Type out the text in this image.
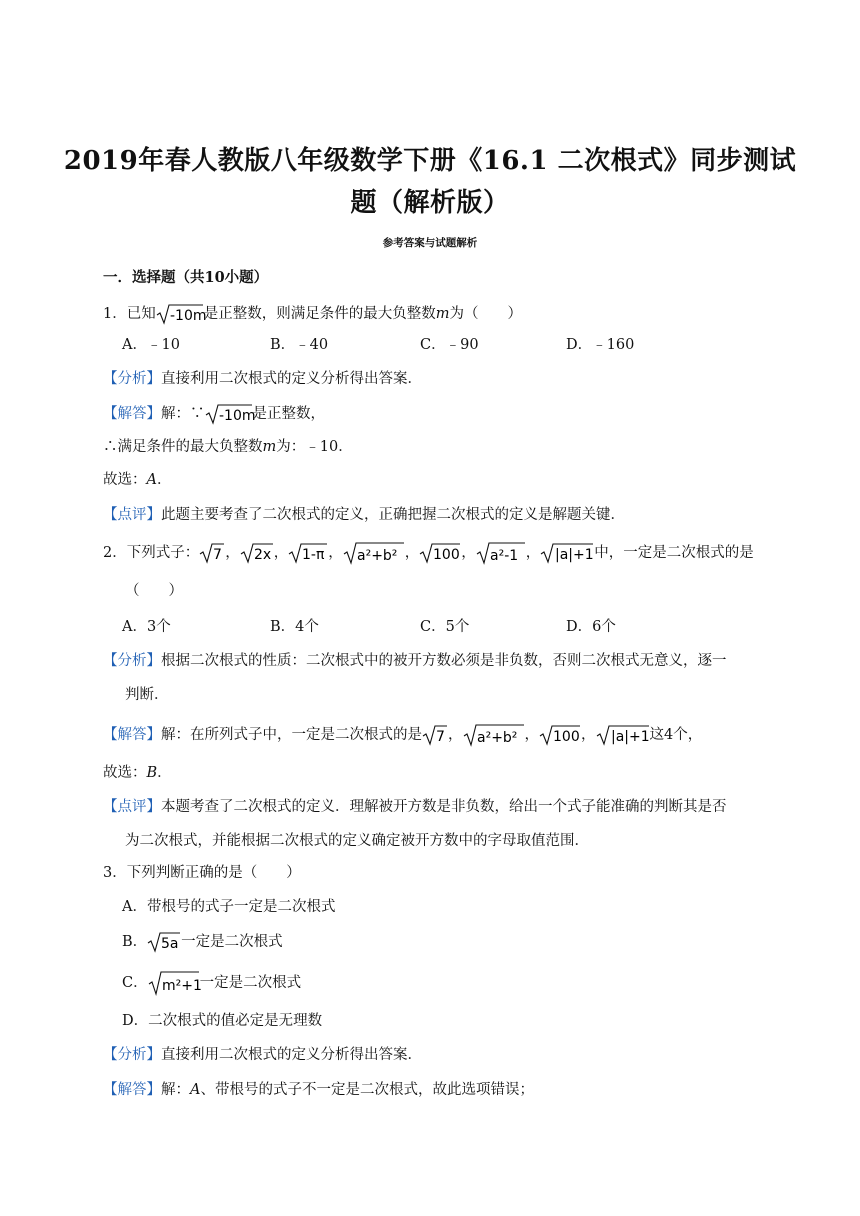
2019年春人教版八年级数学下册《16.1 二次根式》同步测试
题（解析版）
参考答案与试题解析
一．选择题（共10小题）
1．已知 -10m
是正整数，则满足条件的最大负整数m为（　　）
A．﹣10	B．﹣40	C．﹣90	D．﹣160
【分析】直接利用二次根式的定义分析得出答案．
【解答】解：∵ -10m
是正整数，
∴满足条件的最大负整数m为：﹣10．
故选：A．
【点评】此题主要考查了二次根式的定义，正确把握二次根式的定义是解题关键．
2．下列式子： 7 ， 2x ， 1-π ， a²+b² ， 100 ， a²-1 ， |a|+1 中，一定是二次根式的是
（　　）
A．3个	B．4个	C．5个	D．6个
【分析】根据二次根式的性质：二次根式中的被开方数必须是非负数，否则二次根式无意义，逐一
判断．
【解答】解：在所列式子中，一定是二次根式的是 7 ， a²+b² ， 100 ， |a|+1 这4个，
故选：B．
【点评】本题考查了二次根式的定义．理解被开方数是非负数，给出一个式子能准确的判断其是否
为二次根式，并能根据二次根式的定义确定被开方数中的字母取值范围．
3．下列判断正确的是（　　）
A．带根号的式子一定是二次根式
B． 5a 一定是二次根式
C． m²+1
一定是二次根式
D．二次根式的值必定是无理数
【分析】直接利用二次根式的定义分析得出答案．
【解答】解：A、带根号的式子不一定是二次根式，故此选项错误；
